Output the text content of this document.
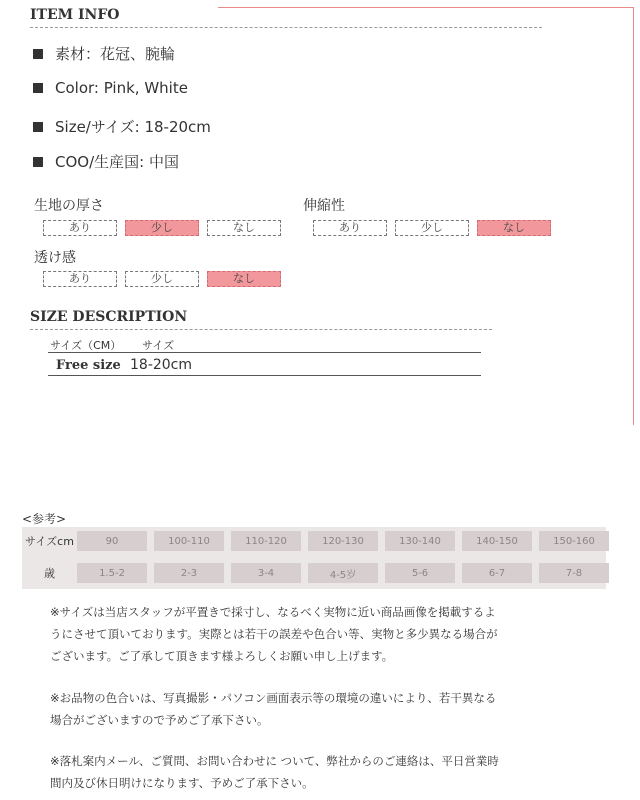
ITEM INFO
素材：花冠、腕輪
Color: Pink, White
Size/サイズ: 18-20cm
COO/生産国: 中国
生地の厚さ
あり	少し	なし
伸縮性
あり	少し	なし
透け感
あり	少し	なし
SIZE DESCRIPTION
サイズ（CM） サイズ
Free size 18-20cm
<参考>
サイズcm	90	100-110	110-120	120-130	130-140	140-150	150-160
歳	1.5-2	2-3	3-4	4-5岁	5-6	6-7	7-8
※サイズは当店スタッフが平置きで採寸し、なるべく実物に近い商品画像を掲載するよ
うにさせて頂いております。実際とは若干の誤差や色合い等、実物と多少異なる場合が
ございます。ご了承して頂きます様よろしくお願い申し上げます。
※お品物の色合いは、写真撮影・パソコン画面表示等の環境の違いにより、若干異なる
場合がございますので予めご了承下さい。
※落札案内メール、ご質問、お問い合わせに ついて、弊社からのご連絡は、平日営業時
間内及び休日明けになります、予めご了承下さい。
